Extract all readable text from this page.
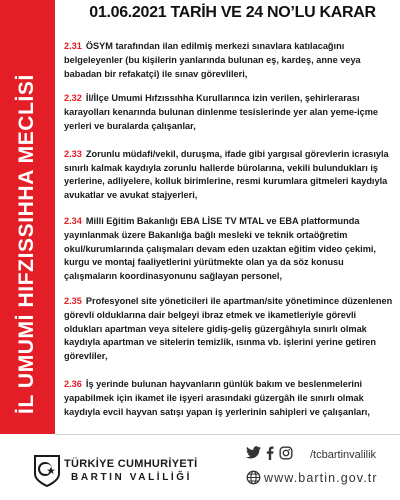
İL UMUMİ HIFZISSIHHA MECLİSİ
01.06.2021 TARİH VE 24 NO’LU KARAR

2.31 ÖSYM tarafından ilan edilmiş merkezi sınavlara katılacağını belgeleyenler (bu kişilerin yanlarında bulunan eş, kardeş, anne veya babadan bir refakatçi) ile sınav görevlileri,

2.32 İl/İlçe Umumi Hıfzıssıhha Kurullarınca izin verilen, şehirlerarası karayolları kenarında bulunan dinlenme tesislerinde yer alan yeme-içme yerleri ve buralarda çalışanlar,

2.33 Zorunlu müdafi/vekil, duruşma, ifade gibi yargısal görevlerin icrasıyla sınırlı kalmak kaydıyla zorunlu hallerde bürolarına, vekili bulundukları iş yerlerine, adliyelere, kolluk birimlerine, resmi kurumlara gitmeleri kaydıyla avukatlar ve avukat stajyerleri,

2.34 Milli Eğitim Bakanlığı EBA LİSE TV MTAL ve EBA platformunda yayınlanmak üzere Bakanlığa bağlı mesleki ve teknik ortaöğretim okul/kurumlarında çalışmaları devam eden uzaktan eğitim video çekimi, kurgu ve montaj faaliyetlerini yürütmekte olan ya da söz konusu çalışmaların koordinasyonunu sağlayan personel,

2.35 Profesyonel site yöneticileri ile apartman/site yönetimince düzenlenen görevli olduklarına dair belgeyi ibraz etmek ve ikametleriyle görevli oldukları apartman veya sitelere gidiş-geliş güzergâhıyla sınırlı olmak kaydıyla apartman ve sitelerin temizlik, ısınma vb. işlerini yerine getiren görevliler,

2.36 İş yerinde bulunan hayvanların günlük bakım ve beslenmelerini yapabilmek için ikamet ile işyeri arasındaki güzergâh ile sınırlı olmak kaydıyla evcil hayvan satışı yapan iş yerlerinin sahipleri ve çalışanları,

TÜRKİYE CUMHURİYETİ
BARTIN VALİLİĞİ
/tcbartinvalilik
www.bartin.gov.tr
